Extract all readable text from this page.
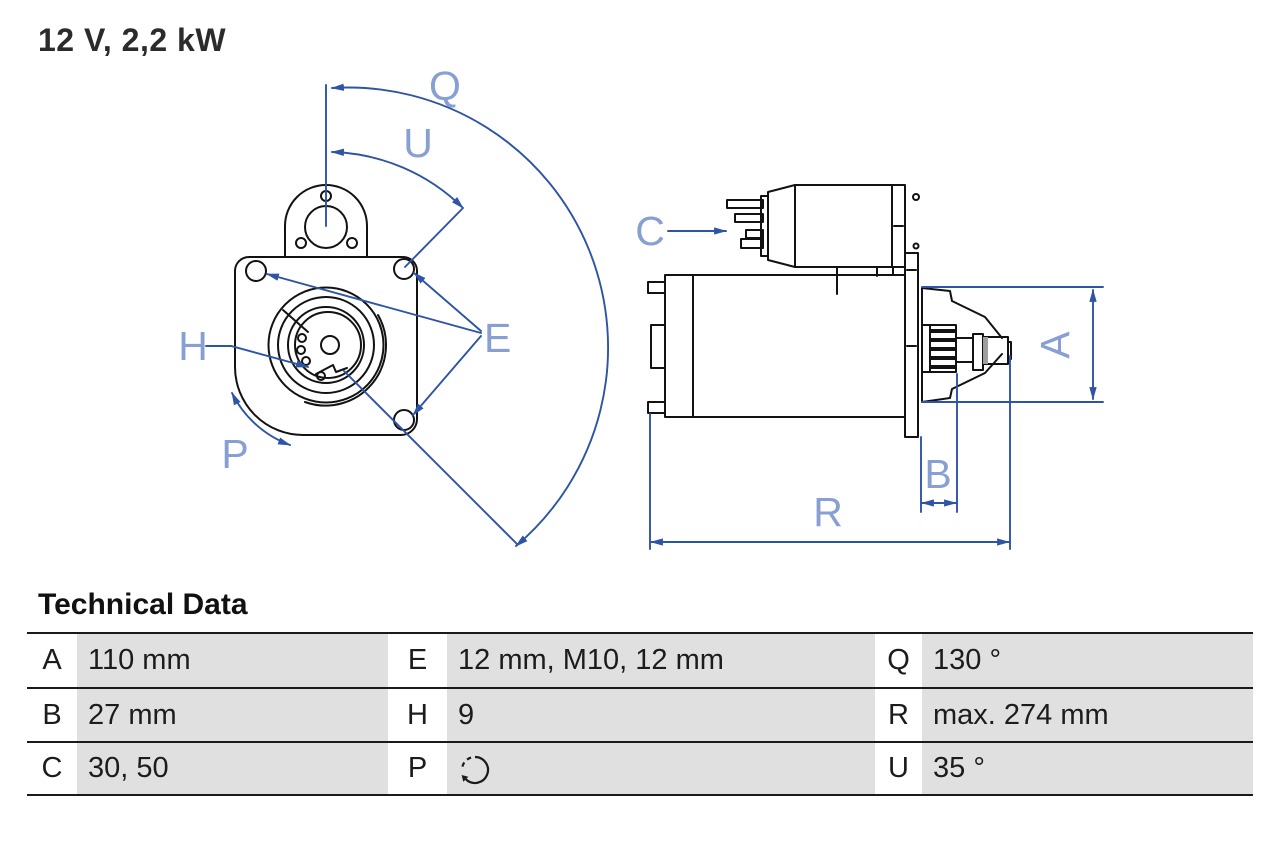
12 V, 2,2 kW
Q
U
E
H
P
C
A
B
R
Technical Data
A 110 mm	E	12 mm, M10, 12 mm	Q 130 °
B 27 mm	H	9	R max. 274 mm
C 30, 50	P	U 35 °
